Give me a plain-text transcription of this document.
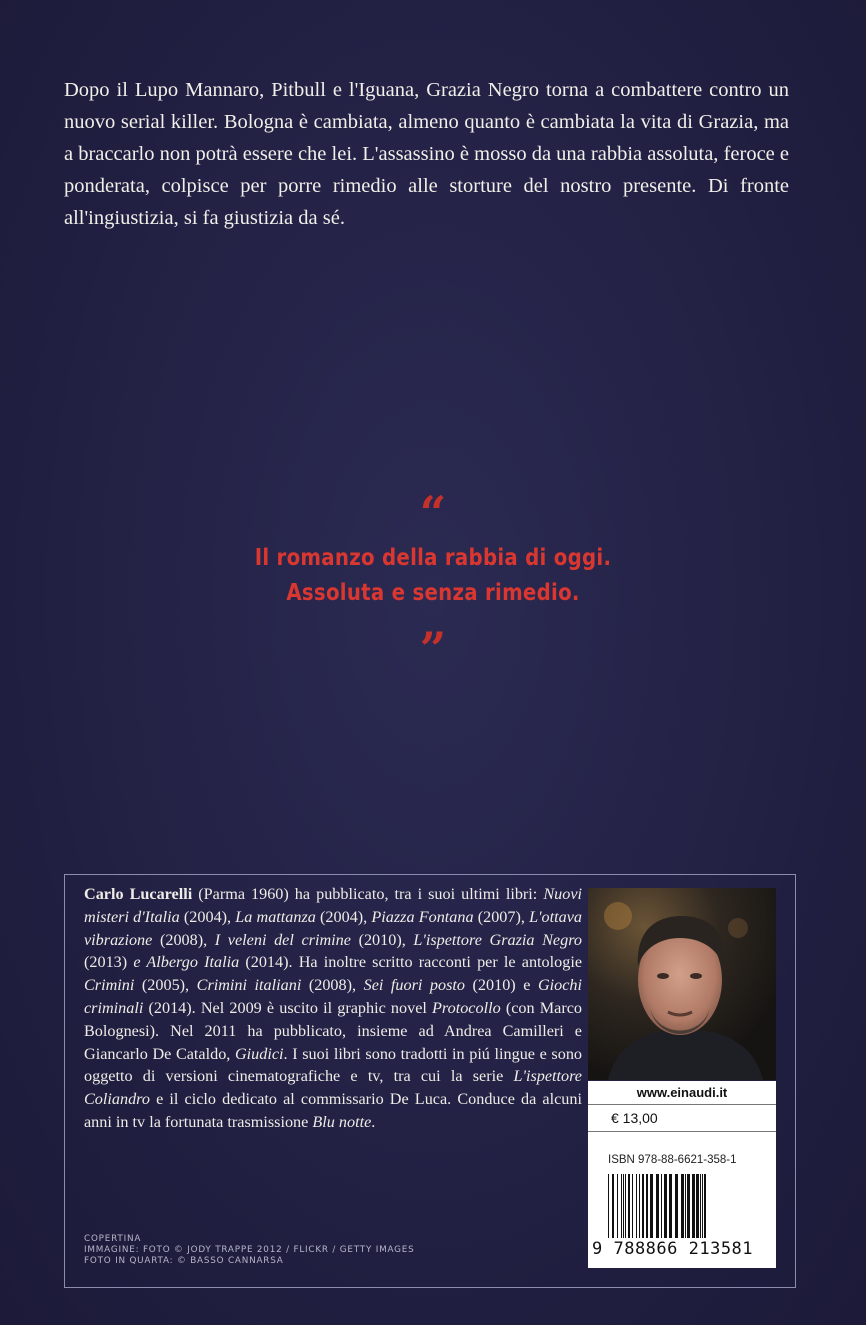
Dopo il Lupo Mannaro, Pitbull e l'Iguana, Grazia Negro torna a combattere contro un nuovo serial killer. Bologna è cambiata, almeno quanto è cambiata la vita di Grazia, ma a braccarlo non potrà essere che lei. L'assassino è mosso da una rabbia assoluta, feroce e ponderata, colpisce per porre rimedio alle storture del nostro presente. Di fronte all'ingiustizia, si fa giustizia da sé.

“

Il romanzo della rabbia di oggi.
Assoluta e senza rimedio.

”

Carlo Lucarelli (Parma 1960) ha pubblicato, tra i suoi ultimi libri: Nuovi misteri d'Italia (2004), La mattanza (2004), Piazza Fontana (2007), L'ottava vibrazione (2008), I veleni del crimine (2010), L'ispettore Grazia Negro (2013) e Albergo Italia (2014). Ha inoltre scritto racconti per le antologie Crimini (2005), Crimini italiani (2008), Sei fuori posto (2010) e Giochi criminali (2014). Nel 2009 è uscito il graphic novel Protocollo (con Marco Bolognesi). Nel 2011 ha pubblicato, insieme ad Andrea Camilleri e Giancarlo De Cataldo, Giudici. I suoi libri sono tradotti in piú lingue e sono oggetto di versioni cinematografiche e tv, tra cui la serie L'ispettore Coliandro e il ciclo dedicato al commissario De Luca. Conduce da alcuni anni in tv la fortunata trasmissione Blu notte.

www.einaudi.it
€ 13,00
ISBN 978-88-6621-358-1
9 788866 213581

COPERTINA
IMMAGINE: FOTO © JODY TRAPPE 2012 / FLICKR / GETTY IMAGES
FOTO IN QUARTA: © BASSO CANNARSA
